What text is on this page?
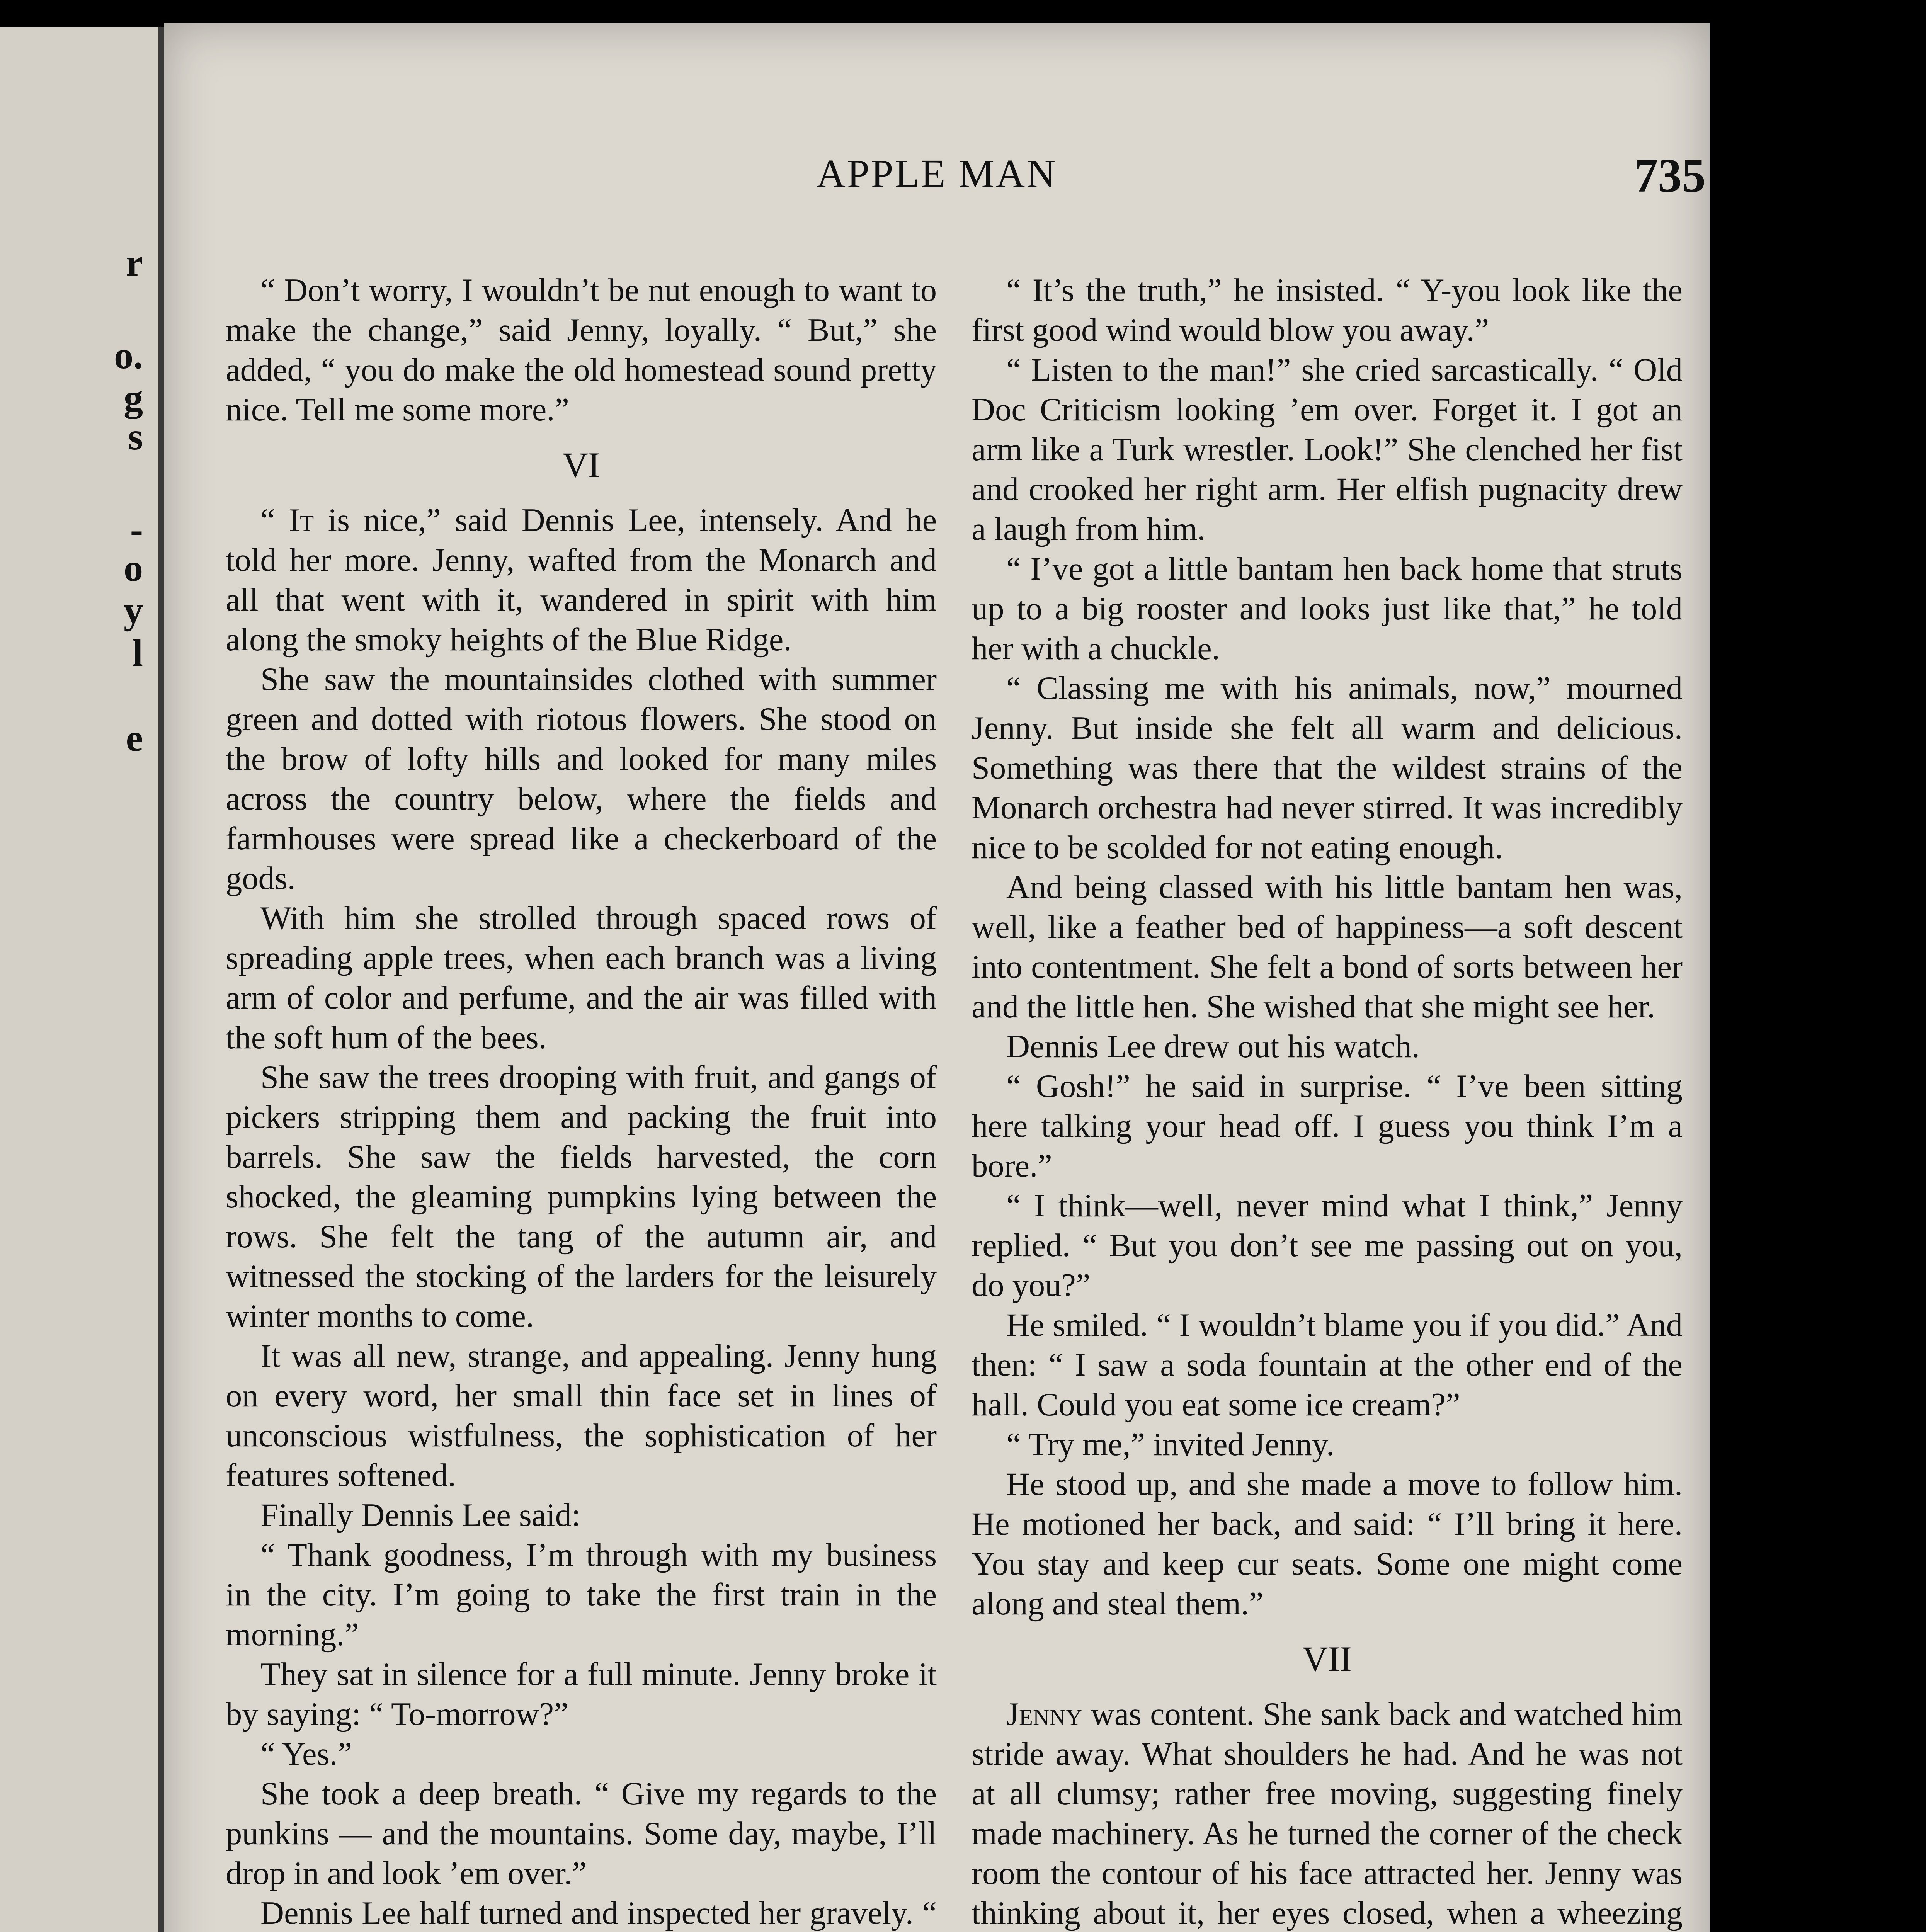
r
o.
g
s
-
o
y
l
e
APPLE MAN	735

“ Don’t worry, I wouldn’t be nut enough to want to make the change,” said Jenny, loyally. “ But,” she added, “ you do make the old homestead sound pretty nice. Tell me some more.”

VI

“ It is nice,” said Dennis Lee, intensely. And he told her more. Jenny, wafted from the Monarch and all that went with it, wandered in spirit with him along the smoky heights of the Blue Ridge.

She saw the mountainsides clothed with summer green and dotted with riotous flowers. She stood on the brow of lofty hills and looked for many miles across the country below, where the fields and farmhouses were spread like a checkerboard of the gods.

With him she strolled through spaced rows of spreading apple trees, when each branch was a living arm of color and perfume, and the air was filled with the soft hum of the bees.

She saw the trees drooping with fruit, and gangs of pickers stripping them and packing the fruit into barrels. She saw the fields harvested, the corn shocked, the gleaming pumpkins lying between the rows. She felt the tang of the autumn air, and witnessed the stocking of the larders for the leisurely winter months to come.

It was all new, strange, and appealing. Jenny hung on every word, her small thin face set in lines of unconscious wistfulness, the sophistication of her features softened.

Finally Dennis Lee said:

“ Thank goodness, I’m through with my business in the city. I’m going to take the first train in the morning.”

They sat in silence for a full minute. Jenny broke it by saying: “ To-morrow?”

“ Yes.”

She took a deep breath. “ Give my regards to the punkins — and the mountains. Some day, maybe, I’ll drop in and look ’em over.”

Dennis Lee half turned and inspected her gravely. “

“ It’s the truth,” he insisted. “ Y-you look like the first good wind would blow you away.”

“ Listen to the man!” she cried sarcastically. “ Old Doc Criticism looking ’em over. Forget it. I got an arm like a Turk wrestler. Look!” She clenched her fist and crooked her right arm. Her elfish pugnacity drew a laugh from him.

“ I’ve got a little bantam hen back home that struts up to a big rooster and looks just like that,” he told her with a chuckle.

“ Classing me with his animals, now,” mourned Jenny. But inside she felt all warm and delicious. Something was there that the wildest strains of the Monarch orchestra had never stirred. It was incredibly nice to be scolded for not eating enough.

And being classed with his little bantam hen was, well, like a feather bed of happiness—a soft descent into contentment. She felt a bond of sorts between her and the little hen. She wished that she might see her.

Dennis Lee drew out his watch.

“ Gosh!” he said in surprise. “ I’ve been sitting here talking your head off. I guess you think I’m a bore.”

“ I think—well, never mind what I think,” Jenny replied. “ But you don’t see me passing out on you, do you?”

He smiled. “ I wouldn’t blame you if you did.” And then: “ I saw a soda fountain at the other end of the hall. Could you eat some ice cream?”

“ Try me,” invited Jenny.

He stood up, and she made a move to follow him. He motioned her back, and said: “ I’ll bring it here. You stay and keep cur seats. Some one might come along and steal them.”

VII

Jenny was content. She sank back and watched him stride away. What shoulders he had. And he was not at all clumsy; rather free moving, suggesting finely made machinery. As he turned the corner of the check room the contour of his face attracted her. Jenny was thinking about it, her eyes closed, when a wheezing
